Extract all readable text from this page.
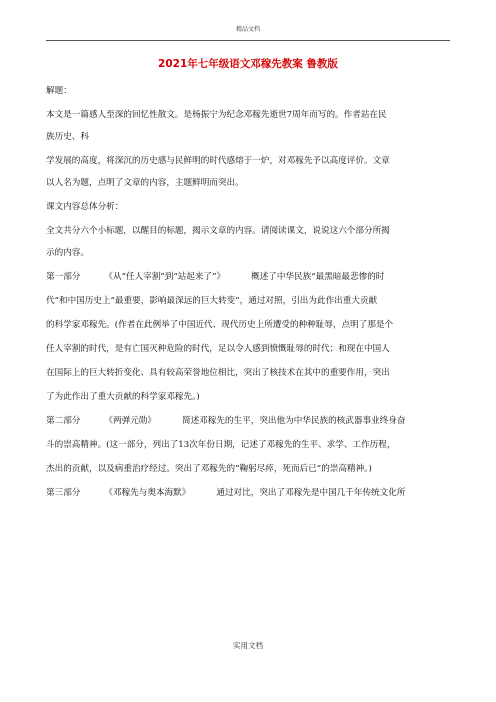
精品文档
2021年七年级语文邓稼先教案 鲁教版
解题：
本文是一篇感人至深的回忆性散文。是杨振宁为纪念邓稼先逝世7周年而写的。作者站在民
族历史、科
学发展的高度，将深沉的历史感与民鲜明的时代感熔于一炉，对邓稼先予以高度评价。文章
以人名为题，点明了文章的内容，主题鲜明而突出。
课文内容总体分析：
全文共分六个小标题，以醒目的标题，揭示文章的内容。请阅读课文，说说这六个部分所揭
示的内容。
第一部分	《从“任人宰割”到“站起来了”》	概述了中华民族“最黑暗最悲惨的时
代”和中国历史上“最重要，影响最深远的巨大转变”，通过对照，引出为此作出重大贡献
的科学家邓稼先。(作者在此例举了中国近代、现代历史上所遭受的种种耻辱，点明了那是个
任人宰割的时代，是有亡国灭种危险的时代，足以令人感到愤慨耻辱的时代；和现在中国人
在国际上的巨大转折变化、具有较高荣誉地位相比，突出了核技术在其中的重要作用，突出
了为此作出了重大贡献的科学家邓稼先。)
第二部分	《两弹元勋》	简述邓稼先的生平，突出他为中华民族的核武器事业终身奋
斗的崇高精神。(这一部分，列出了13次年份日期，记述了邓稼先的生平、求学、工作历程，
杰出的贡献，以及病重治疗经过。突出了邓稼先的“鞠躬尽瘁，死而后已”的崇高精神。)
第三部分	《邓稼先与奥本海默》	通过对比，突出了邓稼先是中国几千年传统文化所
实用文档
